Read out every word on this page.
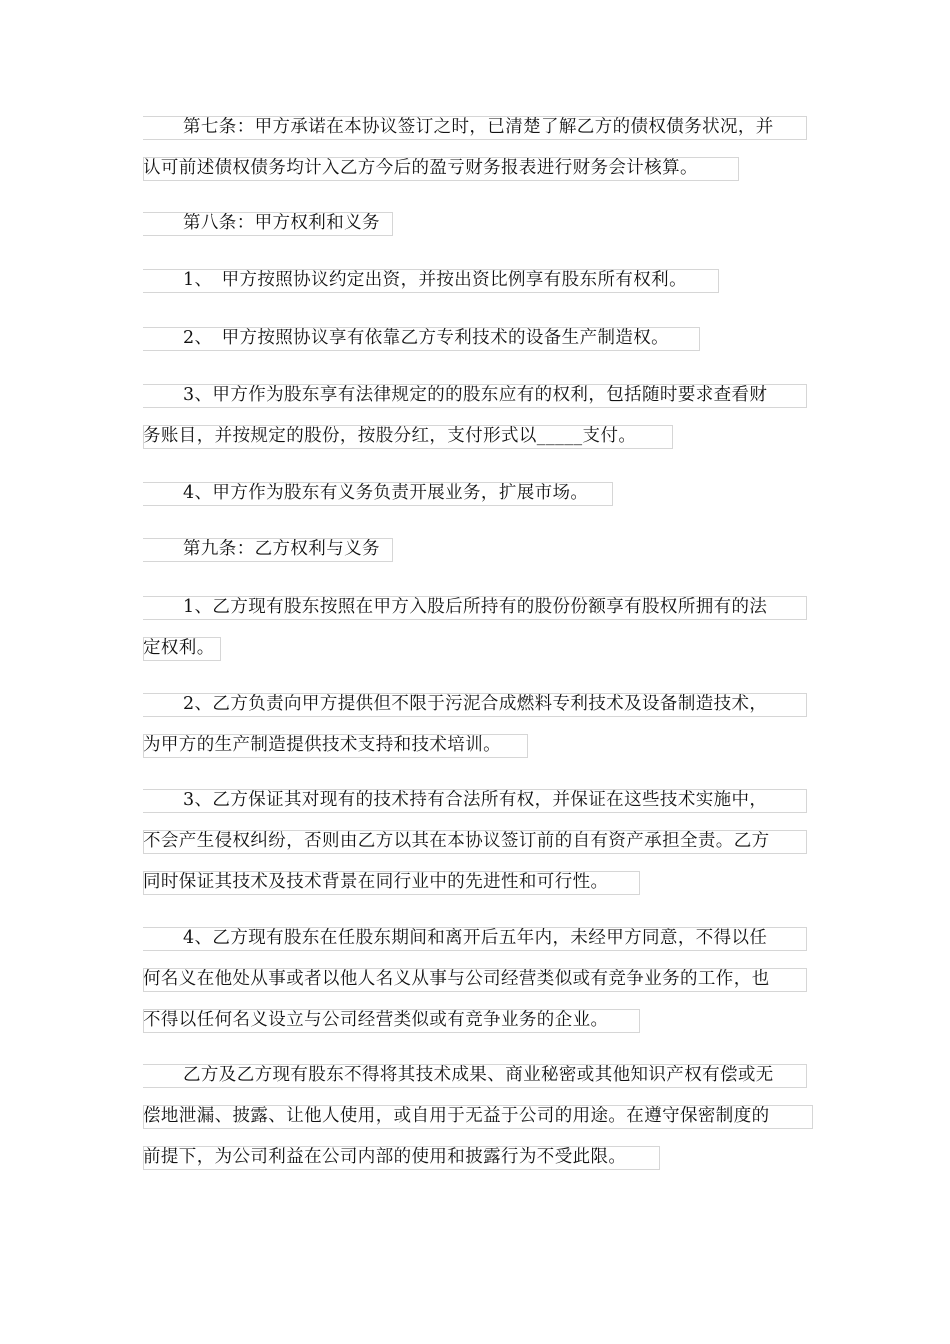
第七条：甲方承诺在本协议签订之时，已清楚了解乙方的债权债务状况，并
认可前述债权债务均计入乙方今后的盈亏财务报表进行财务会计核算。
第八条：甲方权利和义务
1、　甲方按照协议约定出资，并按出资比例享有股东所有权利。
2、　甲方按照协议享有依靠乙方专利技术的设备生产制造权。
3、甲方作为股东享有法律规定的的股东应有的权利，包括随时要求查看财
务账目，并按规定的股份，按股分红，支付形式以_____支付。
4、甲方作为股东有义务负责开展业务，扩展市场。
第九条：乙方权利与义务
1、乙方现有股东按照在甲方入股后所持有的股份份额享有股权所拥有的法
定权利。
2、乙方负责向甲方提供但不限于污泥合成燃料专利技术及设备制造技术，
为甲方的生产制造提供技术支持和技术培训。
3、乙方保证其对现有的技术持有合法所有权，并保证在这些技术实施中，
不会产生侵权纠纷，否则由乙方以其在本协议签订前的自有资产承担全责。乙方
同时保证其技术及技术背景在同行业中的先进性和可行性。
4、乙方现有股东在任股东期间和离开后五年内，未经甲方同意，不得以任
何名义在他处从事或者以他人名义从事与公司经营类似或有竞争业务的工作，也
不得以任何名义设立与公司经营类似或有竞争业务的企业。
乙方及乙方现有股东不得将其技术成果、商业秘密或其他知识产权有偿或无
偿地泄漏、披露、让他人使用，或自用于无益于公司的用途。在遵守保密制度的
前提下，为公司利益在公司内部的使用和披露行为不受此限。
